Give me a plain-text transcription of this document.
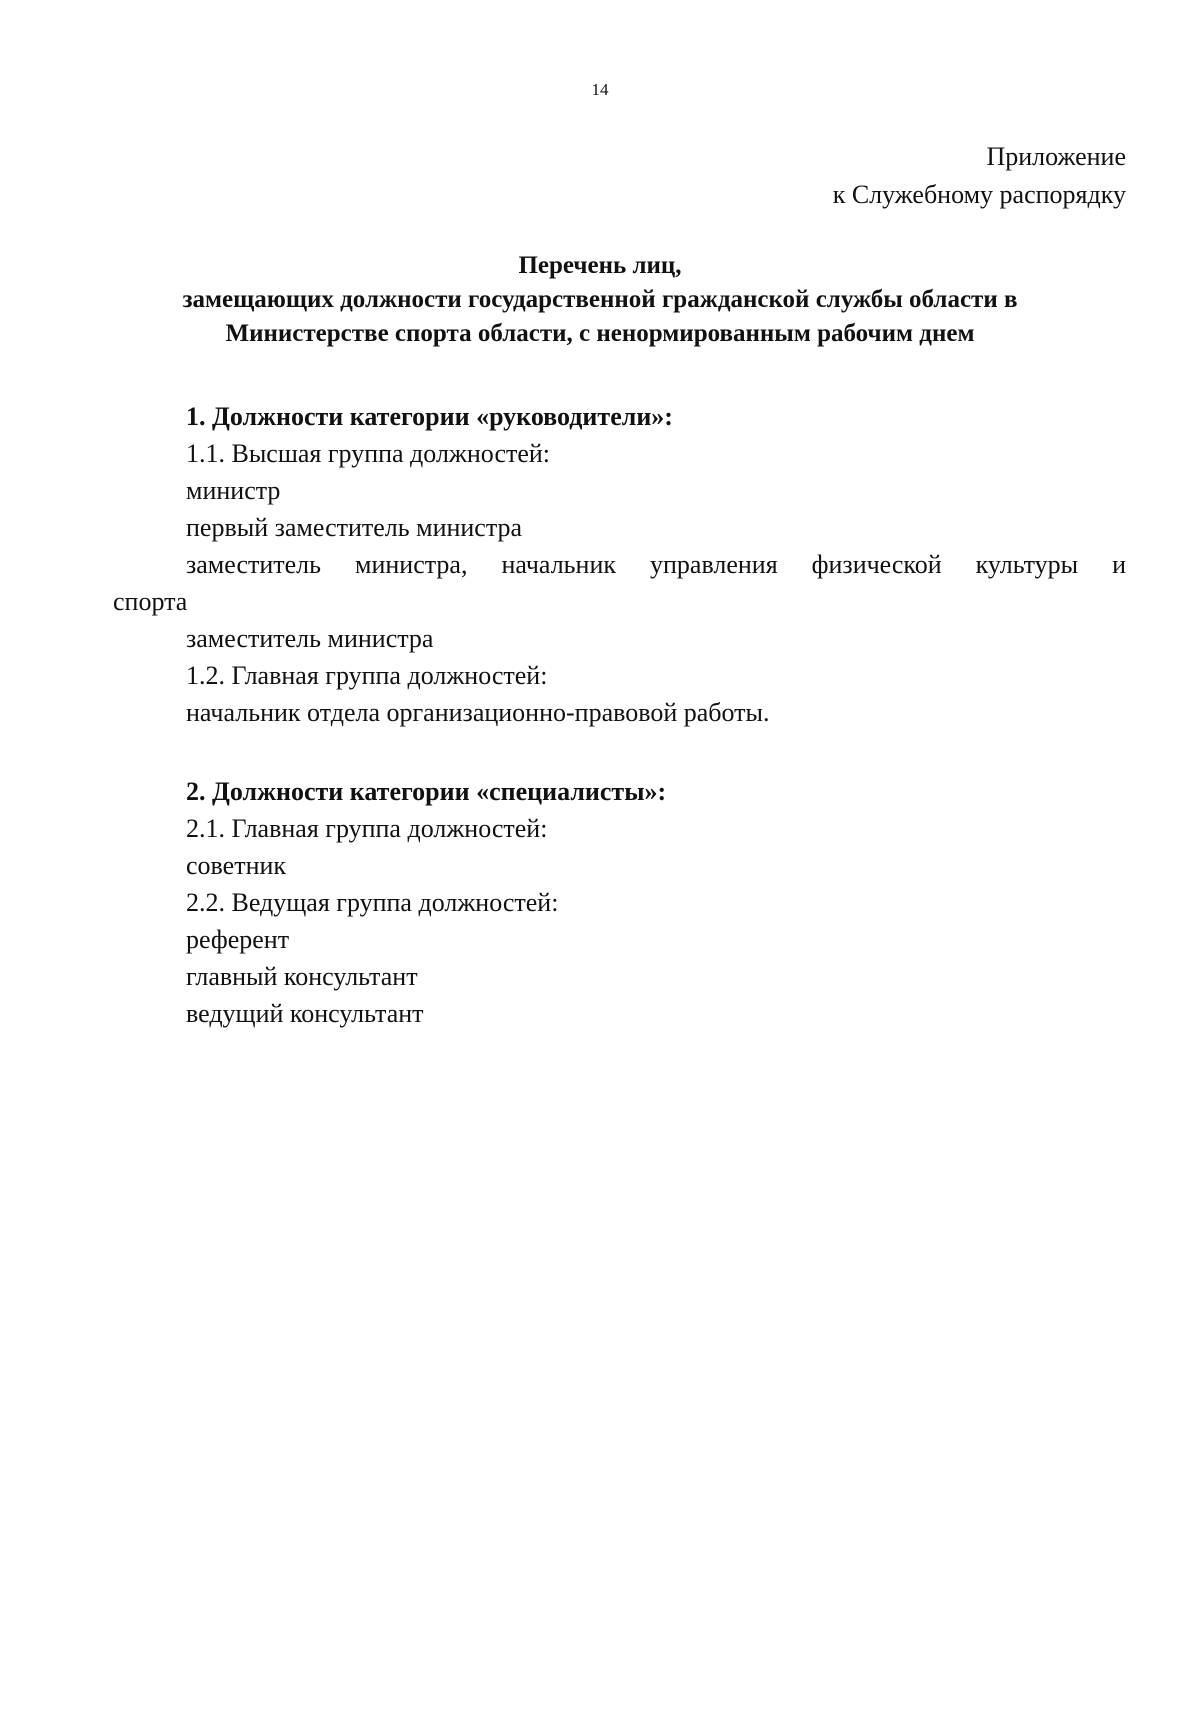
14
Приложение
к Служебному распорядку
Перечень лиц,
замещающих должности государственной гражданской службы области в
Министерстве спорта области, с ненормированным рабочим днем
1. Должности категории «руководители»:
1.1. Высшая группа должностей:
министр
первый заместитель министра
заместитель министра, начальник управления физической культуры и
спорта
заместитель министра
1.2. Главная группа должностей:
начальник отдела организационно-правовой работы.
2. Должности категории «специалисты»:
2.1. Главная группа должностей:
советник
2.2. Ведущая группа должностей:
референт
главный консультант
ведущий консультант
